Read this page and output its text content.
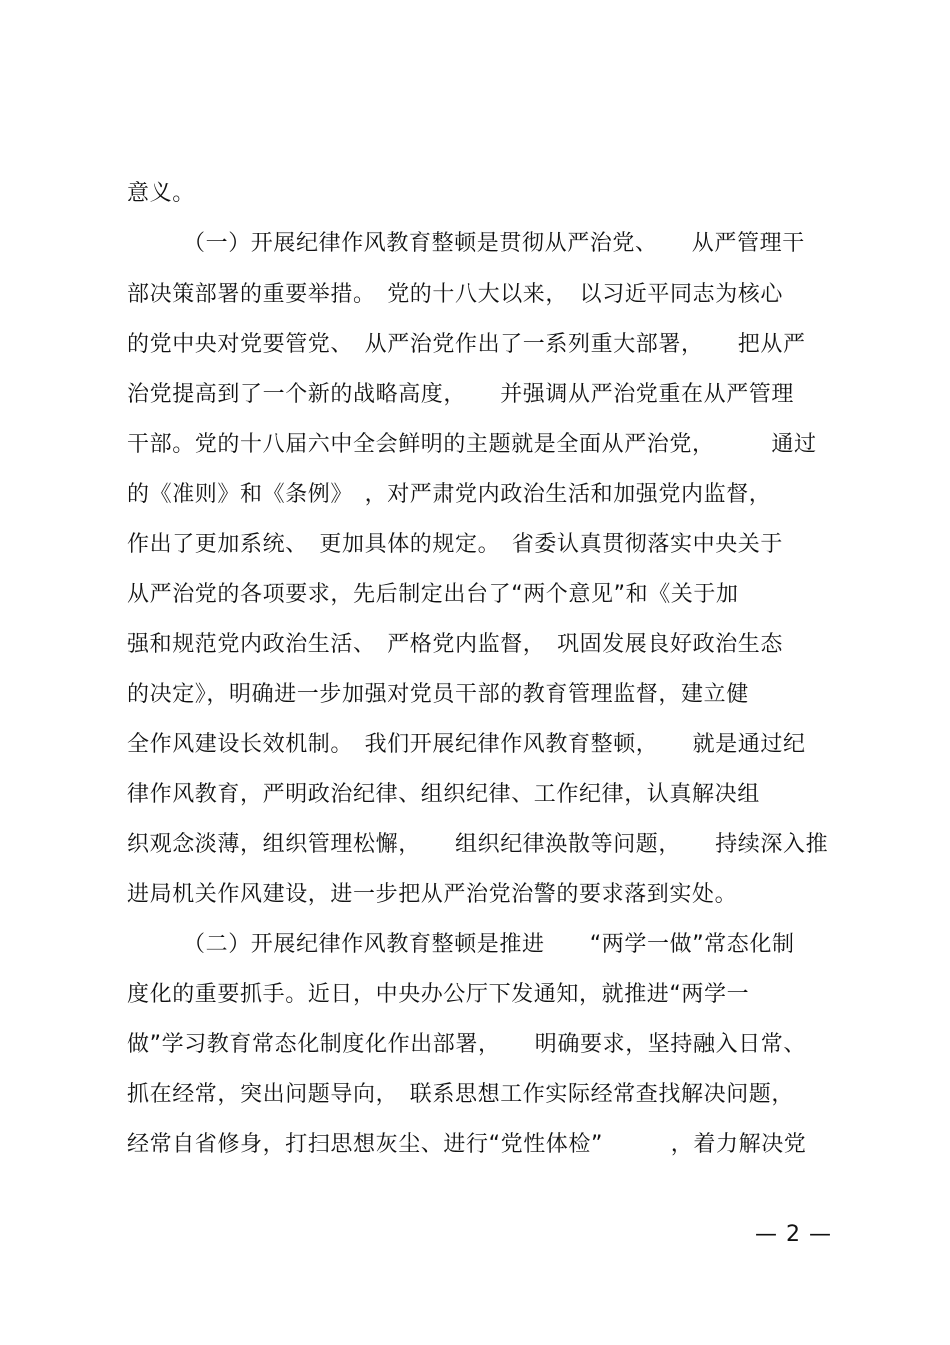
意义。
（一）开展纪律作风教育整顿是贯彻从严治党、　　从严管理干
部决策部署的重要举措。　党的十八大以来，　以习近平同志为核心
的党中央对党要管党、　从严治党作出了一系列重大部署，　　把从严
治党提高到了一个新的战略高度，　　并强调从严治党重在从严管理
干部。党的十八届六中全会鲜明的主题就是全面从严治党，　　　通过
的《准则》和《条例》　，对严肃党内政治生活和加强党内监督，
作出了更加系统、　更加具体的规定。　省委认真贯彻落实中央关于
从严治党的各项要求，先后制定出台了“两个意见”和《关于加
强和规范党内政治生活、　严格党内监督，　巩固发展良好政治生态
的决定》，明确进一步加强对党员干部的教育管理监督，建立健
全作风建设长效机制。　我们开展纪律作风教育整顿，　　就是通过纪
律作风教育，严明政治纪律、组织纪律、工作纪律，认真解决组
织观念淡薄，组织管理松懈，　　组织纪律涣散等问题，　　持续深入推
进局机关作风建设，进一步把从严治党治警的要求落到实处。
（二）开展纪律作风教育整顿是推进　　“两学一做”常态化制
度化的重要抓手。近日，中央办公厅下发通知，就推进“两学一
做”学习教育常态化制度化作出部署，　　明确要求，坚持融入日常、
抓在经常，突出问题导向，　联系思想工作实际经常查找解决问题，
经常自省修身，打扫思想灰尘、进行“党性体检”　　　，着力解决党
— 2 —
